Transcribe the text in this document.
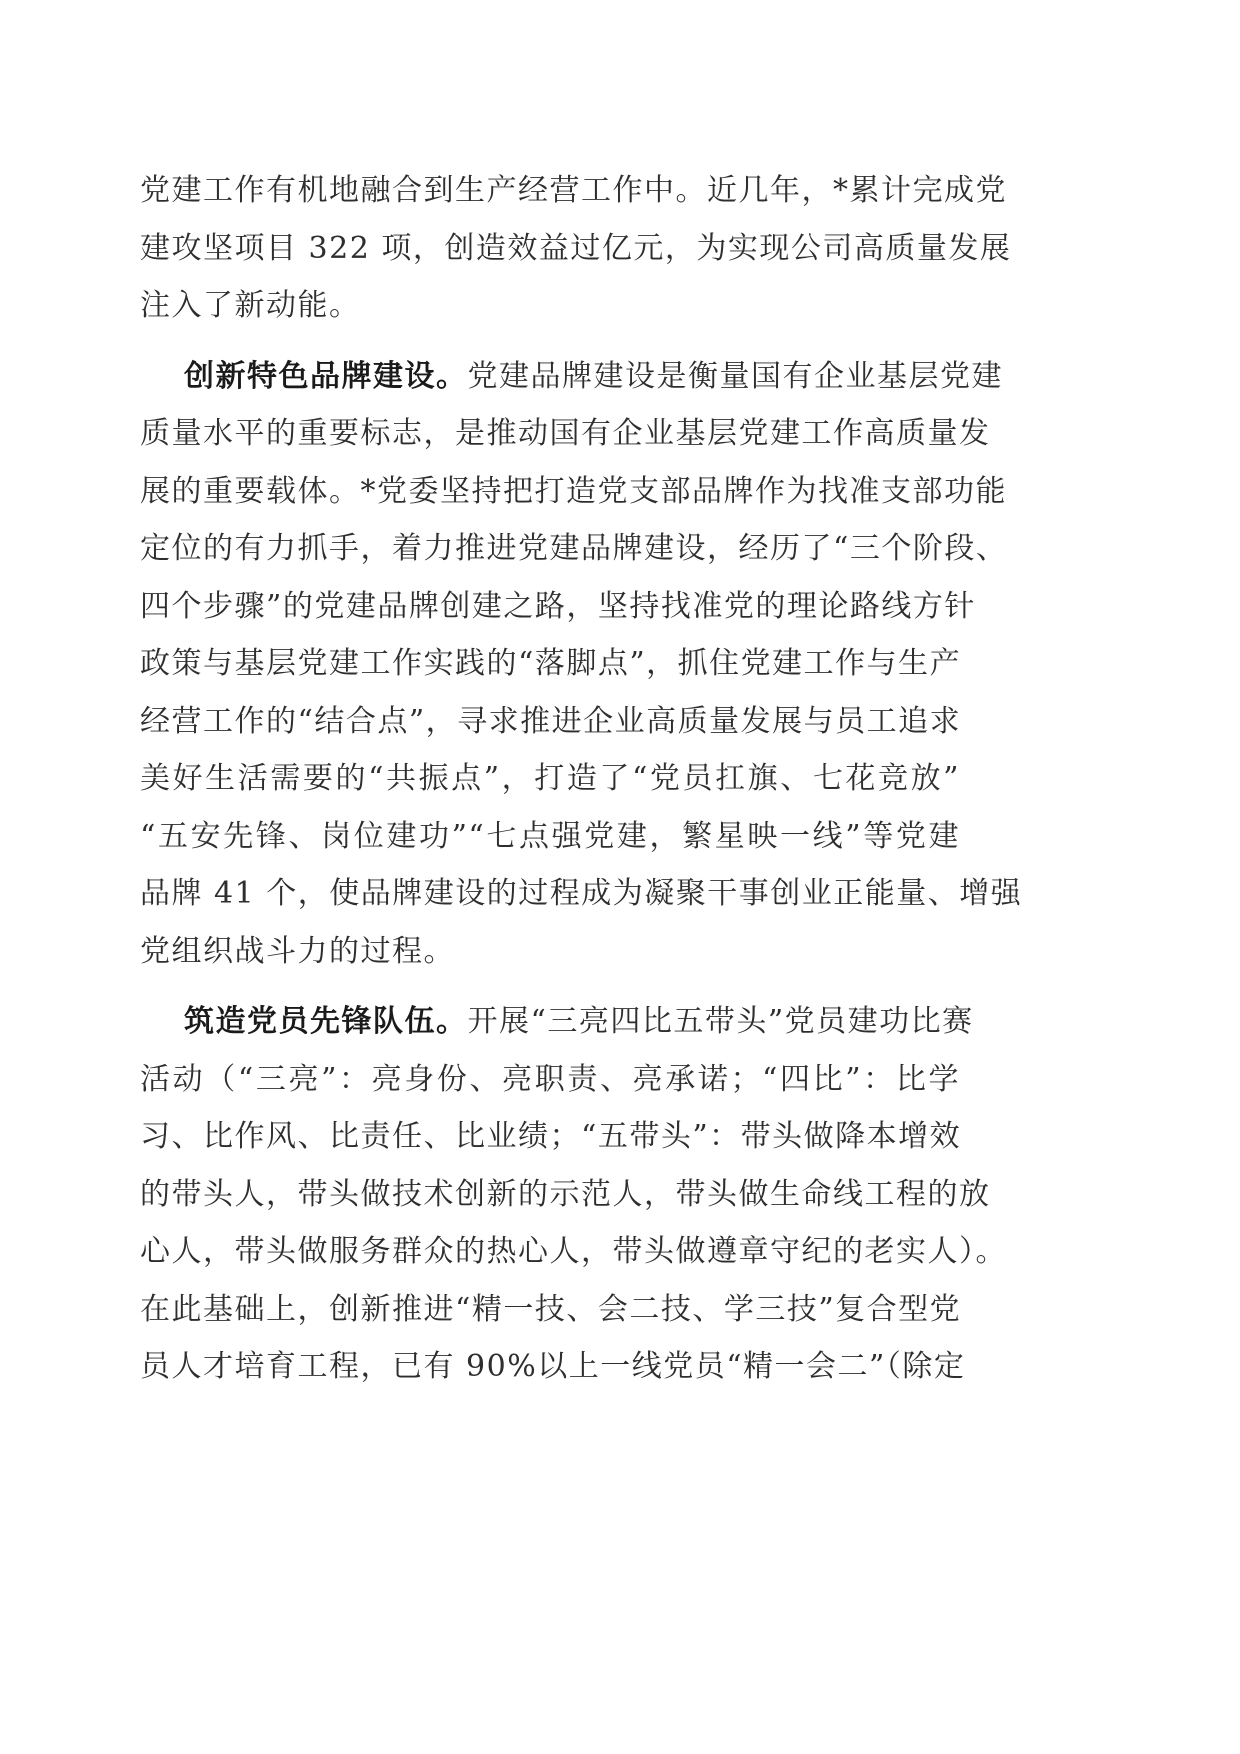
党建工作有机地融合到生产经营工作中。近几年，*累计完成党
建攻坚项目 322 项，创造效益过亿元，为实现公司高质量发展
注入了新动能。
创新特色品牌建设。党建品牌建设是衡量国有企业基层党建
质量水平的重要标志，是推动国有企业基层党建工作高质量发
展的重要载体。*党委坚持把打造党支部品牌作为找准支部功能
定位的有力抓手，着力推进党建品牌建设，经历了“三个阶段、
四个步骤”的党建品牌创建之路，坚持找准党的理论路线方针
政策与基层党建工作实践的“落脚点”，抓住党建工作与生产
经营工作的“结合点”，寻求推进企业高质量发展与员工追求
美好生活需要的“共振点”，打造了“党员扛旗、七花竞放”
“五安先锋、岗位建功”“七点强党建，繁星映一线”等党建
品牌 41 个，使品牌建设的过程成为凝聚干事创业正能量、增强
党组织战斗力的过程。
筑造党员先锋队伍。开展“三亮四比五带头”党员建功比赛
活动（“三亮”：亮身份、亮职责、亮承诺；“四比”：比学
习、比作风、比责任、比业绩；“五带头”：带头做降本增效
的带头人，带头做技术创新的示范人，带头做生命线工程的放
心人，带头做服务群众的热心人，带头做遵章守纪的老实人）。
在此基础上，创新推进“精一技、会二技、学三技”复合型党
员人才培育工程，已有 90%以上一线党员“精一会二”（除定
